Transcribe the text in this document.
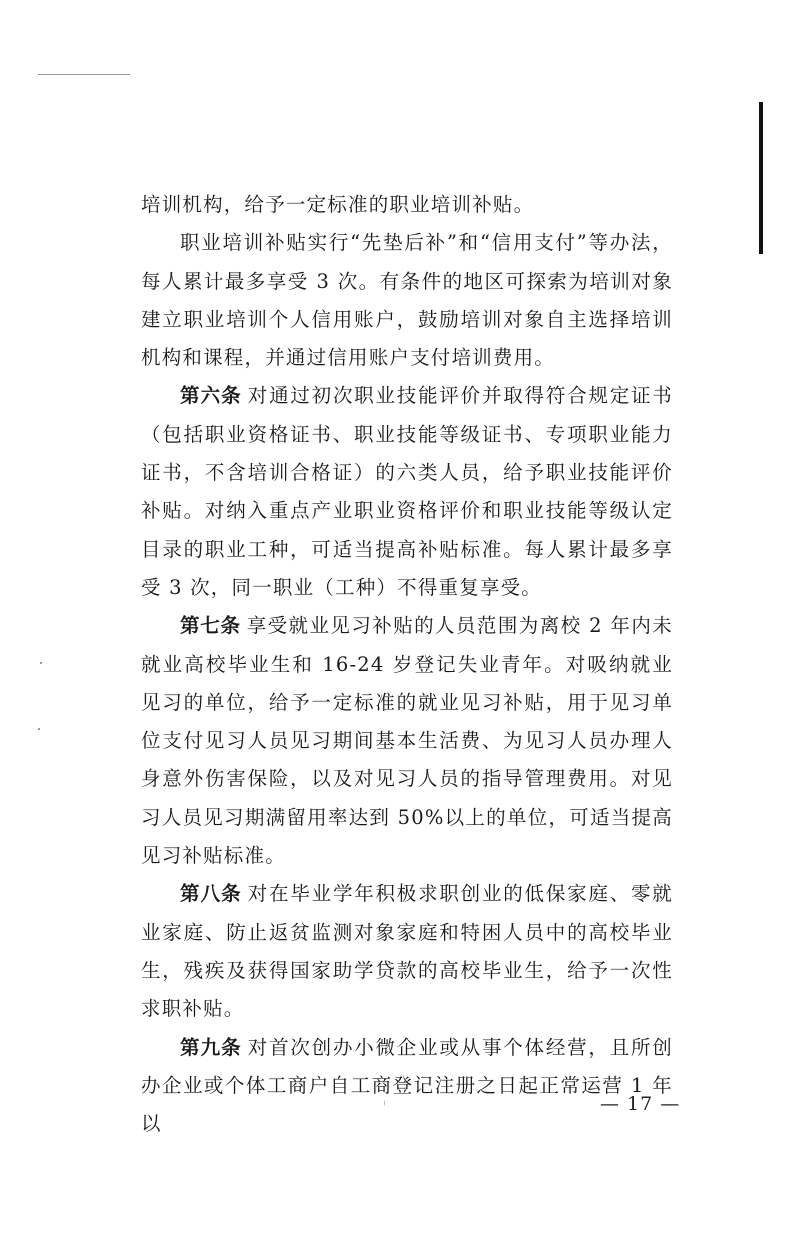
培训机构，给予一定标准的职业培训补贴。

职业培训补贴实行“先垫后补”和“信用支付”等办法，每人累计最多享受 3 次。有条件的地区可探索为培训对象建立职业培训个人信用账户，鼓励培训对象自主选择培训机构和课程，并通过信用账户支付培训费用。

第六条 对通过初次职业技能评价并取得符合规定证书（包括职业资格证书、职业技能等级证书、专项职业能力证书，不含培训合格证）的六类人员，给予职业技能评价补贴。对纳入重点产业职业资格评价和职业技能等级认定目录的职业工种，可适当提高补贴标准。每人累计最多享受 3 次，同一职业（工种）不得重复享受。

第七条 享受就业见习补贴的人员范围为离校 2 年内未就业高校毕业生和 16-24 岁登记失业青年。对吸纳就业见习的单位，给予一定标准的就业见习补贴，用于见习单位支付见习人员见习期间基本生活费、为见习人员办理人身意外伤害保险，以及对见习人员的指导管理费用。对见习人员见习期满留用率达到 50%以上的单位，可适当提高见习补贴标准。

第八条 对在毕业学年积极求职创业的低保家庭、零就业家庭、防止返贫监测对象家庭和特困人员中的高校毕业生，残疾及获得国家助学贷款的高校毕业生，给予一次性求职补贴。

第九条 对首次创办小微企业或从事个体经营，且所创办企业或个体工商户自工商登记注册之日起正常运营 1 年以

— 17 —
